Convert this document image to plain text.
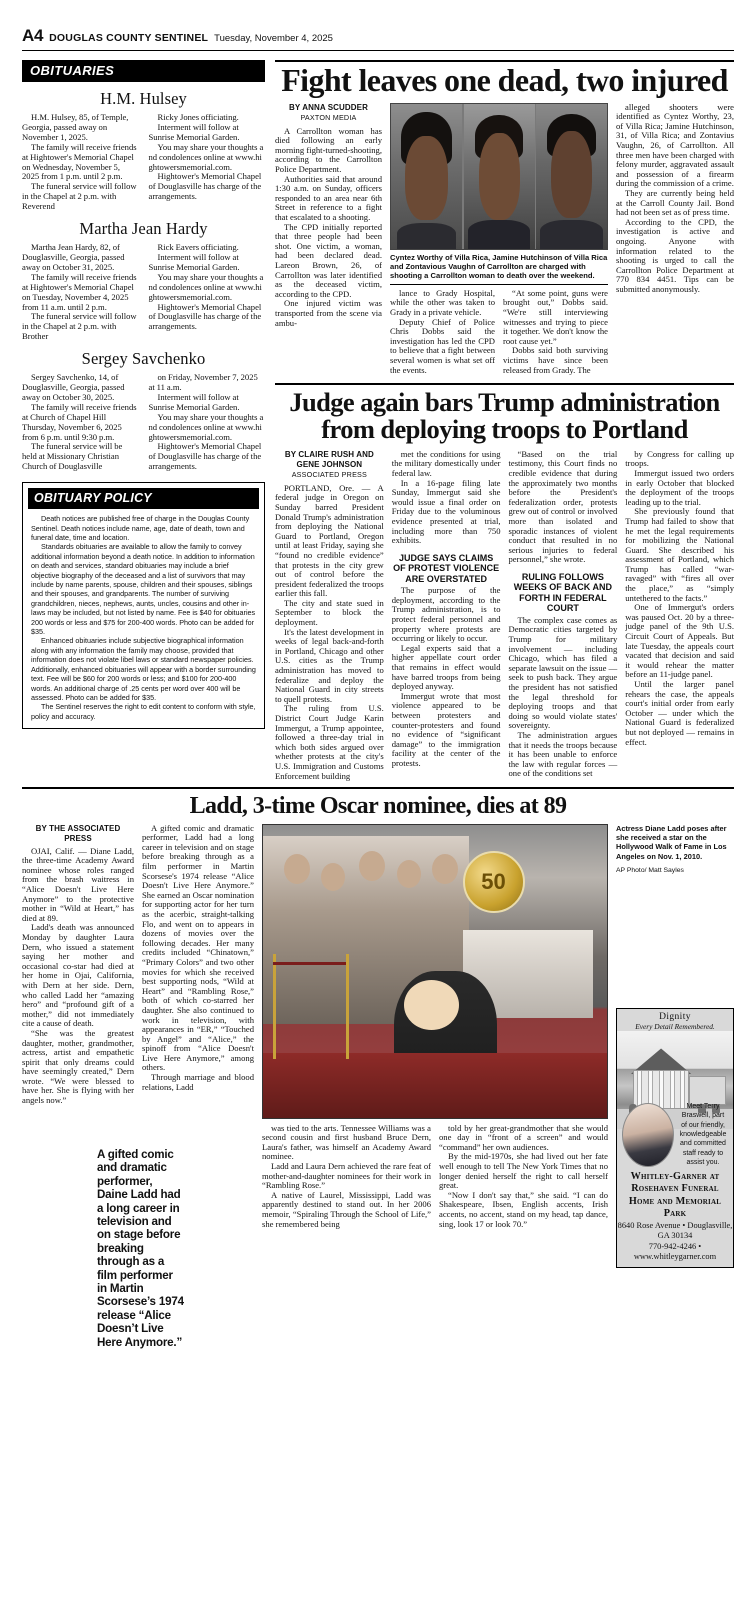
A4 DOUGLAS COUNTY SENTINEL Tuesday, November 4, 2025
OBITUARIES
H.M. Hulsey

H.M. Hulsey, 85, of Temple, Georgia, passed away on November 1, 2025.

The family will receive friends at Hightower's Memorial Chapel on Wednesday, November 5, 2025 from 1 p.m. until 2 p.m.

The funeral service will follow in the Chapel at 2 p.m. with Reverend

Ricky Jones officiating.

Interment will follow at Sunrise Memorial Garden.

You may share your thoughts and condolences online at www.hightowersmemorial.com.

Hightower's Memorial Chapel of Douglasville has charge of the arrangements.

Martha Jean Hardy

Martha Jean Hardy, 82, of Douglasville, Georgia, passed away on October 31, 2025.

The family will receive friends at Hightower's Memorial Chapel on Tuesday, November 4, 2025 from 11 a.m. until 2 p.m.

The funeral service will follow in the Chapel at 2 p.m. with Brother

Rick Eavers officiating.

Interment will follow at Sunrise Memorial Garden.

You may share your thoughts and condolences online at www.hightowersmemorial.com.

Hightower's Memorial Chapel of Douglasville has charge of the arrangements.

Sergey Savchenko

Sergey Savchenko, 14, of Douglasville, Georgia, passed away on October 30, 2025.

The family will receive friends at Church of Chapel Hill Thursday, November 6, 2025 from 6 p.m. until 9:30 p.m.

The funeral service will be held at Missionary Christian Church of Douglasville

on Friday, November 7, 2025 at 11 a.m.

Interment will follow at Sunrise Memorial Garden.

You may share your thoughts and condolences online at www.hightowersmemorial.com.

Hightower's Memorial Chapel of Douglasville has charge of the arrangements.

OBITUARY POLICY

Death notices are published free of charge in the Douglas County Sentinel. Death notices include name, age, date of death, town and funeral date, time and location.

Standards obituaries are available to allow the family to convey additional information beyond a death notice. In addition to information on death and services, standard obituaries may include a brief objective biography of the deceased and a list of survivors that may include by name parents, spouse, children and their spouses, siblings and their spouses, and grandparents. The number of surviving grandchildren, nieces, nephews, aunts, uncles, cousins and other in-laws may be included, but not listed by name. Fee is $40 for obituaries 200 words or less and $75 for 200-400 words. Photo can be added for $35.

Enhanced obituaries include subjective biographical information along with any information the family may choose, provided that information does not violate libel laws or standard newspaper policies. Additionally, enhanced obituaries will appear with a border surrounding text. Fee will be $60 for 200 words or less; and $100 for 200-400 words. An additional charge of .25 cents per word over 400 will be assessed. Photo can be added for $35.

The Sentinel reserves the right to edit content to conform with style, policy and accuracy.

Fight leaves one dead, two injured
BY ANNA SCUDDER
PAXTON MEDIA

A Carrollton woman has died following an early morning fight-turned-shooting, according to the Carrollton Police Department.

Authorities said that around 1:30 a.m. on Sunday, officers responded to an area near 6th Street in reference to a fight that escalated to a shooting.

The CPD initially reported that three people had been shot. One victim, a woman, had been declared dead. Lareon Brown, 26, of Carrollton was later identified as the deceased victim, according to the CPD.

One injured victim was transported from the scene via ambu-

Cyntez Worthy of Villa Rica, Jamine Hutchinson of Villa Rica and Zontavious Vaughn of Carrollton are charged with shooting a Carrollton woman to death over the weekend.

lance to Grady Hospital, while the other was taken to Grady in a private vehicle.

Deputy Chief of Police Chris Dobbs said the investigation has led the CPD to believe that a fight between several women is what set off the events.

“At some point, guns were brought out,” Dobbs said. “We're still interviewing witnesses and trying to piece it together. We don't know the root cause yet.”

Dobbs said both surviving victims have since been released from Grady. The

alleged shooters were identified as Cyntez Worthy, 23, of Villa Rica; Jamine Hutchinson, 31, of Villa Rica; and Zontavius Vaughn, 26, of Carrollton. All three men have been charged with felony murder, aggravated assault and possession of a firearm during the commission of a crime.

They are currently being held at the Carroll County Jail. Bond had not been set as of press time.

According to the CPD, the investigation is active and ongoing. Anyone with information related to the shooting is urged to call the Carrollton Police Department at 770 834 4451. Tips can be submitted anonymously.

Judge again bars Trump administration
from deploying troops to Portland
BY CLAIRE RUSH AND GENE JOHNSON
ASSOCIATED PRESS

PORTLAND, Ore. — A federal judge in Oregon on Sunday barred President Donald Trump's administration from deploying the National Guard to Portland, Oregon until at least Friday, saying she “found no credible evidence” that protests in the city grew out of control before the president federalized the troops earlier this fall.

The city and state sued in September to block the deployment.

It's the latest development in weeks of legal back-and-forth in Portland, Chicago and other U.S. cities as the Trump administration has moved to federalize and deploy the National Guard in city streets to quell protests.

The ruling from U.S. District Court Judge Karin Immergut, a Trump appointee, followed a three-day trial in which both sides argued over whether protests at the city's U.S. Immigration and Customs Enforcement building

met the conditions for using the military domestically under federal law.

In a 16-page filing late Sunday, Immergut said she would issue a final order on Friday due to the voluminous evidence presented at trial, including more than 750 exhibits.

JUDGE SAYS CLAIMS OF PROTEST VIOLENCE ARE OVERSTATED

The purpose of the deployment, according to the Trump administration, is to protect federal personnel and property where protests are occurring or likely to occur.

Legal experts said that a higher appellate court order that remains in effect would have barred troops from being deployed anyway.

Immergut wrote that most violence appeared to be between protesters and counter-protesters and found no evidence of “significant damage” to the immigration facility at the center of the protests.

“Based on the trial testimony, this Court finds no credible evidence that during the approximately two months before the President's federalization order, protests grew out of control or involved more than isolated and sporadic instances of violent conduct that resulted in no serious injuries to federal personnel,” she wrote.

RULING FOLLOWS WEEKS OF BACK AND FORTH IN FEDERAL COURT

The complex case comes as Democratic cities targeted by Trump for military involvement — including Chicago, which has filed a separate lawsuit on the issue — seek to push back. They argue the president has not satisfied the legal threshold for deploying troops and that doing so would violate states' sovereignty.

The administration argues that it needs the troops because it has been unable to enforce the law with regular forces — one of the conditions set

by Congress for calling up troops.

Immergut issued two orders in early October that blocked the deployment of the troops leading up to the trial.

She previously found that Trump had failed to show that he met the legal requirements for mobilizing the National Guard. She described his assessment of Portland, which Trump has called “war-ravaged” with “fires all over the place,” as “simply untethered to the facts.”

One of Immergut's orders was paused Oct. 20 by a three-judge panel of the 9th U.S. Circuit Court of Appeals. But late Tuesday, the appeals court vacated that decision and said it would rehear the matter before an 11-judge panel.

Until the larger panel rehears the case, the appeals court's initial order from early October — under which the National Guard is federalized but not deployed — remains in effect.

Ladd, 3-time Oscar nominee, dies at 89
BY THE ASSOCIATED PRESS

OJAI, Calif. — Diane Ladd, the three-time Academy Award nominee whose roles ranged from the brash waitress in “Alice Doesn't Live Here Anymore” to the protective mother in “Wild at Heart,” has died at 89.

Ladd's death was announced Monday by daughter Laura Dern, who issued a statement saying her mother and occasional co-star had died at her home in Ojai, California, with Dern at her side. Dern, who called Ladd her “amazing hero” and “profound gift of a mother,” did not immediately cite a cause of death.

“She was the greatest daughter, mother, grandmother, actress, artist and empathetic spirit that only dreams could have seemingly created,” Dern wrote. “We were blessed to have her. She is flying with her angels now.”

A gifted comic and dramatic performer, Ladd had a long career in television and on stage before breaking through as a film performer in Martin Scorsese's 1974 release “Alice Doesn't Live Here Anymore.” She earned an Oscar nomination for supporting actor for her turn as the acerbic, straight-talking Flo, and went on to appears in dozens of movies over the following decades. Her many credits included “Chinatown,” “Primary Colors” and two other movies for which she received best supporting nods, “Wild at Heart” and “Rambling Rose,” both of which co-starred her daughter. She also continued to work in television, with appearances in “ER,” “Touched by Angel” and “Alice,” the spinoff from “Alice Doesn't Live Here Anymore,” among others.

Through marriage and blood relations, Ladd

50

was tied to the arts. Tennessee Williams was a second cousin and first husband Bruce Dern, Laura's father, was himself an Academy Award nominee.

Ladd and Laura Dern achieved the rare feat of mother-and-daughter nominees for their work in “Rambling Rose.”

A native of Laurel, Mississippi, Ladd was apparently destined to stand out. In her 2006 memoir, “Spiraling Through the School of Life,” she remembered being

told by her great-grandmother that she would one day in “front of a screen” and would “command” her own audiences.

By the mid-1970s, she had lived out her fate well enough to tell The New York Times that no longer denied herself the right to call herself great.

“Now I don't say that,” she said. “I can do Shakespeare, Ibsen, English accents, Irish accents, no accent, stand on my head, tap dance, sing, look 17 or look 70.”

Actress Diane Ladd poses after she received a star on the Hollywood Walk of Fame in Los Angeles on Nov. 1, 2010.
AP Photo/ Matt Sayles
Dignity
Every Detail Remembered.
Meet Terry Braswell, part of our friendly, knowledgeable and committed staff ready to assist you.
Whitley-Garner at Rosehaven Funeral
Home and Memorial Park
8640 Rose Avenue • Douglasville, GA 30134
770-942-4246 • www.whitleygarner.com
A gifted comic and dramatic performer, Daine Ladd had a long career in television and on stage before breaking through as a film performer in Martin Scorsese’s 1974 release “Alice Doesn’t Live Here Anymore.”
